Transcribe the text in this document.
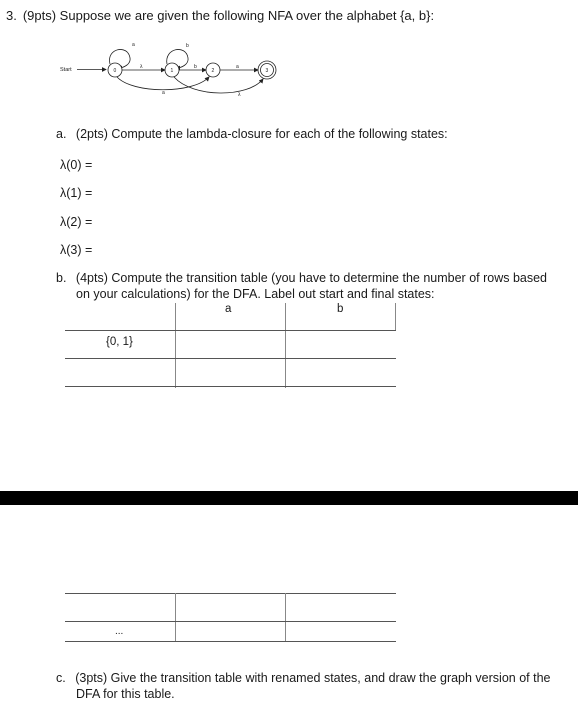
3. (9pts) Suppose we are given the following NFA over the alphabet {a, b}:
Start
a
0
λ
b
1
b
2
a
3
a	λ
a. (2pts) Compute the lambda-closure for each of the following states:
λ(0) =
λ(1) =
λ(2) =
λ(3) =
b. (4pts) Compute the transition table (you have to determine the number of rows based
on your calculations) for the DFA. Label out start and final states:
a	b
{0, 1}
...
c. (3pts) Give the transition table with renamed states, and draw the graph version of the
DFA for this table.
